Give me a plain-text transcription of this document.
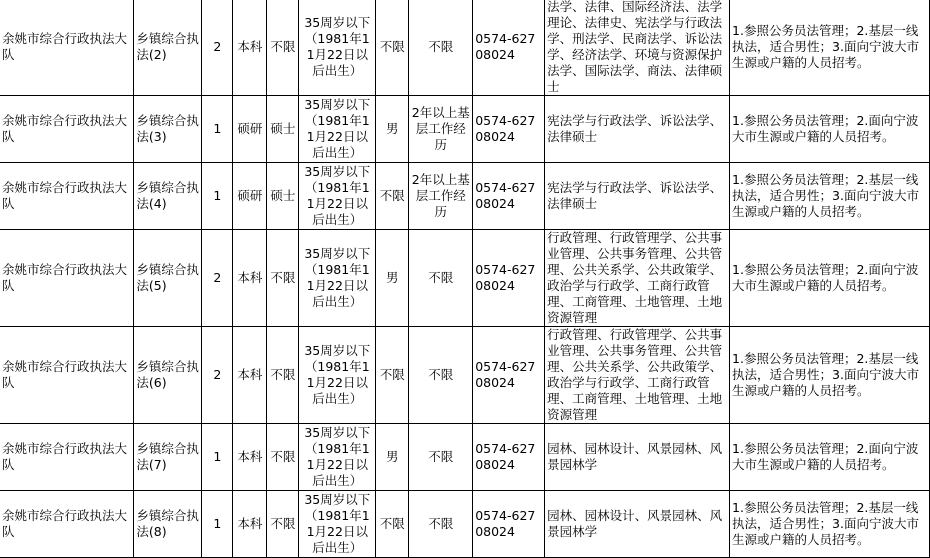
余姚市综合行政执法大队	乡镇综合执法(2)	2	本科	不限	35周岁以下（1981年11月22日以后出生）	不限	不限	0574-62708024	法学、法律、国际经济法、法学理论、法律史、宪法学与行政法学、刑法学、民商法学、诉讼法学、经济法学、环境与资源保护法学、国际法学、商法、法律硕士	1.参照公务员法管理；2.基层一线执法，适合男性；3.面向宁波大市生源或户籍的人员招考。
余姚市综合行政执法大队	乡镇综合执法(3)	1	硕研	硕士	35周岁以下（1981年11月22日以后出生）	男	2年以上基层工作经历	0574-62708024	宪法学与行政法学、诉讼法学、法律硕士	1.参照公务员法管理；2.面向宁波大市生源或户籍的人员招考。
余姚市综合行政执法大队	乡镇综合执法(4)	1	硕研	硕士	35周岁以下（1981年11月22日以后出生）	不限	2年以上基层工作经历	0574-62708024	宪法学与行政法学、诉讼法学、法律硕士	1.参照公务员法管理；2.基层一线执法，适合男性；3.面向宁波大市生源或户籍的人员招考。
余姚市综合行政执法大队	乡镇综合执法(5)	2	本科	不限	35周岁以下（1981年11月22日以后出生）	男	不限	0574-62708024	行政管理、行政管理学、公共事业管理、公共事务管理、公共管理、公共关系学、公共政策学、政治学与行政学、工商行政管理、工商管理、土地管理、土地资源管理	1.参照公务员法管理；2.面向宁波大市生源或户籍的人员招考。
余姚市综合行政执法大队	乡镇综合执法(6)	2	本科	不限	35周岁以下（1981年11月22日以后出生）	不限	不限	0574-62708024	行政管理、行政管理学、公共事业管理、公共事务管理、公共管理、公共关系学、公共政策学、政治学与行政学、工商行政管理、工商管理、土地管理、土地资源管理	1.参照公务员法管理；2.基层一线执法，适合男性；3.面向宁波大市生源或户籍的人员招考。
余姚市综合行政执法大队	乡镇综合执法(7)	1	本科	不限	35周岁以下（1981年11月22日以后出生）	男	不限	0574-62708024	园林、园林设计、风景园林、风景园林学	1.参照公务员法管理；2.面向宁波大市生源或户籍的人员招考。
余姚市综合行政执法大队	乡镇综合执法(8)	1	本科	不限	35周岁以下（1981年11月22日以后出生）	不限	不限	0574-62708024	园林、园林设计、风景园林、风景园林学	1.参照公务员法管理；2.基层一线执法，适合男性；3.面向宁波大市生源或户籍的人员招考。
